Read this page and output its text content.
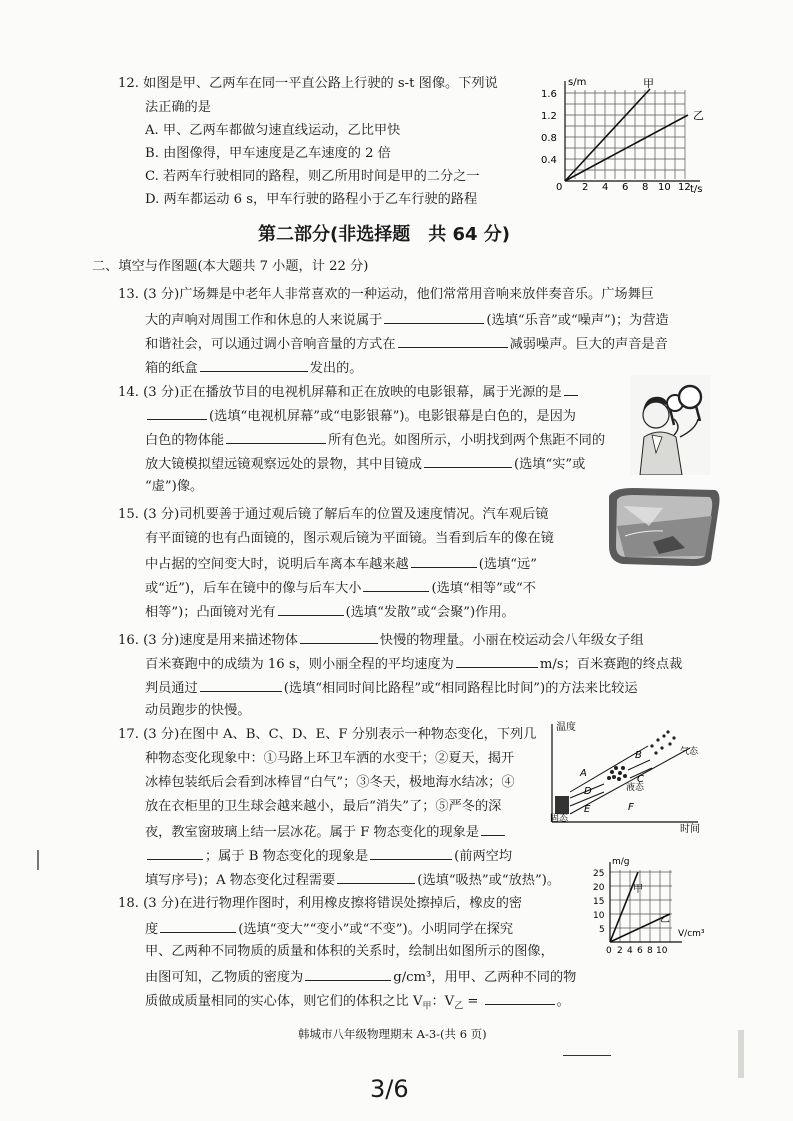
12. 如图是甲、乙两车在同一平直公路上行驶的 s-t 图像。下列说
法正确的是
A. 甲、乙两车都做匀速直线运动，乙比甲快
B. 由图像得，甲车速度是乙车速度的 2 倍
C. 若两车行驶相同的路程，则乙所用时间是甲的二分之一
D. 两车都运动 6 s，甲车行驶的路程小于乙车行驶的路程
s/m
t/s
1.6
1.2
0.8
0.4
0 2 4 6 8 10 12
甲
乙
第二部分(非选择题　共 64 分)
二、填空与作图题(本大题共 7 小题，计 22 分)
13. (3 分)广场舞是中老年人非常喜欢的一种运动，他们常常用音响来放伴奏音乐。广场舞巨
大的声响对周围工作和休息的人来说属于	(选填“乐音”或“噪声”)；为营造
和谐社会，可以通过调小音响音量的方式在	减弱噪声。巨大的声音是音
箱的纸盒	发出的。
14. (3 分)正在播放节目的电视机屏幕和正在放映的电影银幕，属于光源的是
(选填“电视机屏幕”或“电影银幕”)。电影银幕是白色的，是因为
白色的物体能	所有色光。如图所示，小明找到两个焦距不同的
放大镜模拟望远镜观察远处的景物，其中目镜成	(选填“实”或
“虚”)像。
15. (3 分)司机要善于通过观后镜了解后车的位置及速度情况。汽车观后镜
有平面镜的也有凸面镜的，图示观后镜为平面镜。当看到后车的像在镜
中占据的空间变大时，说明后车离本车越来越	(选填“远”
或“近”)，后车在镜中的像与后车大小	(选填“相等”或“不
相等”)；凸面镜对光有	(选填“发散”或“会聚”)作用。
16. (3 分)速度是用来描述物体	快慢的物理量。小丽在校运动会八年级女子组
百米赛跑中的成绩为 16 s，则小丽全程的平均速度为	m/s；百米赛跑的终点裁
判员通过	(选填“相同时间比路程”或“相同路程比时间”)的方法来比较运
动员跑步的快慢。
17. (3 分)在图中 A、B、C、D、E、F 分别表示一种物态变化，下列几
种物态变化现象中：①马路上环卫车洒的水变干；②夏天，揭开
冰棒包装纸后会看到冰棒冒“白气”；③冬天，极地海水结冰；④
放在衣柜里的卫生球会越来越小，最后“消失”了；⑤严冬的深
夜，教室窗玻璃上结一层冰花。属于 F 物态变化的现象是
；属于 B 物态变化的现象是	(前两空均
填写序号)；A 物态变化过程需要	(选填“吸热”或“放热”)。
温度
时间
固态
液态
气态
A
B
C
D
E	F
18. (3 分)在进行物理作图时，利用橡皮擦将错误处擦掉后，橡皮的密
度	(选填“变大”“变小”或“不变”)。小明同学在探究
甲、乙两种不同物质的质量和体积的关系时，绘制出如图所示的图像，
由图可知，乙物质的密度为	g/cm³，用甲、乙两种不同的物
质做成质量相同的实心体，则它们的体积之比 $V_甲$：$V_乙$ =	。
m/g
V/cm³
25
20
15
10
5
0 2 4 6 8 10
甲
乙
韩城市八年级物理期末 A-3-(共 6 页)
3/6
